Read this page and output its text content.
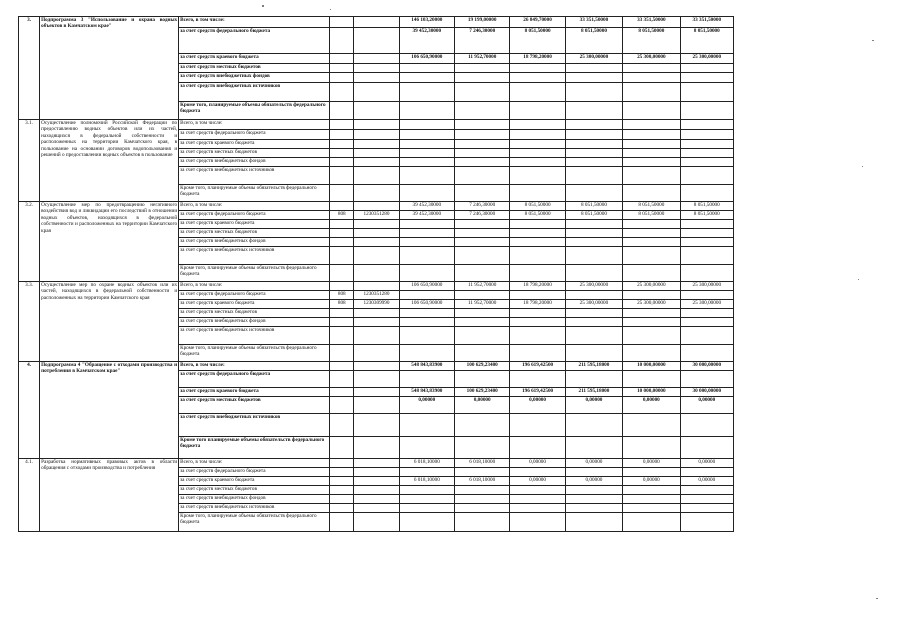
3.	Подпрограмма 3 "Использование и охрана водных объектов в Камчатском крае"	Всего, в том числе:			146 103,20000	19 199,00000	26 849,70000	33 351,50000	33 351,50000	33 351,50000
		за счет средств федерального бюджета			39 452,30000	7 246,30000	8 051,50000	8 051,50000	8 051,50000	8 051,50000
		за счет средств краевого бюджета			106 650,90000	11 952,70000	18 798,20000	25 300,00000	25 300,00000	25 300,00000
		за счет средств местных бюджетов								
		за счет средств внебюджетных фондов								
		за счет средств внебюджетных источников								
		Кроме того, планируемые объемы обязательств федерального бюджета								
3.1.	Осуществление полномочий Российской Федерации по предоставлению водных объектов или их частей, находящихся в федеральной собственности и расположенных на территории Камчатского края, в пользование на основании договоров водопользования и решений о предоставлении водных объектов в пользование	Всего, в том числе:								
		за счет средств федерального бюджета								
		за счет средств краевого бюджета								
		за счет средств местных бюджетов								
		за счет средств внебюджетных фондов								
		за счет средств внебюджетных источников								
		Кроме того, планируемые объемы обязательств федерального бюджета								
3.2.	Осуществление мер по предотвращению негативного воздействия вод и ликвидации его последствий в отношении водных объектов, находящихся в федеральной собственности и расположенных на территории Камчатского края	Всего, в том числе:			39 452,30000	7 246,30000	8 051,50000	8 051,50000	8 051,50000	8 051,50000
		за счет средств федерального бюджета	808	1230351280	39 452,30000	7 246,30000	8 051,50000	8 051,50000	8 051,50000	8 051,50000
		за счет средств краевого бюджета								
		за счет средств местных бюджетов								
		за счет средств внебюджетных фондов								
		за счет средств внебюджетных источников								
		Кроме того, планируемые объемы обязательств федерального бюджета								
3.3.	Осуществление мер по охране водных объектов или их частей, находящихся в федеральной собственности и расположенных на территории Камчатского края	Всего, в том числе:			106 650,90000	11 952,70000	18 798,20000	25 300,00000	25 300,00000	25 300,00000
		за счет средств федерального бюджета	808	1230351280						
		за счет средств краевого бюджета	808	1230309990	106 650,90000	11 952,70000	18 798,20000	25 300,00000	25 300,00000	25 300,00000
		за счет средств местных бюджетов								
		за счет средств внебюджетных фондов								
		за счет средств внебюджетных источников								
		Кроме того, планируемые объемы обязательств федерального бюджета								
4.	Подпрограмма 4 "Обращение с отходами производства и потребления в Камчатском крае"	Всего, в том числе:			548 843,83900	100 629,23400	196 619,42500	211 595,18000	10 000,00000	30 000,00000
		за счет средств федерального бюджета								
		за счет средств краевого бюджета			548 843,83900	100 629,23400	196 619,42500	211 595,18000	10 000,00000	30 000,00000
		за счет средств местных бюджетов			0,00000	0,00000	0,00000	0,00000	0,00000	0,00000
		за счет средств внебюджетных источников								
		Кроме того планируемые объемы обязательств федерального бюджета								
4.1.	Разработка нормативных правовых актов в области обращения с отходами производства и потребления	Всего, в том числе:			6 018,10000	6 018,10000	0,00000	0,00000	0,00000	0,00000
		за счет средств федерального бюджета								
		за счет средств краевого бюджета			6 018,10000	6 018,10000	0,00000	0,00000	0,00000	0,00000
		за счет средств местных бюджетов								
		за счет средств внебюджетных фондов								
		за счет средств внебюджетных источников								
		Кроме того, планируемые объемы обязательств федерального бюджета								
